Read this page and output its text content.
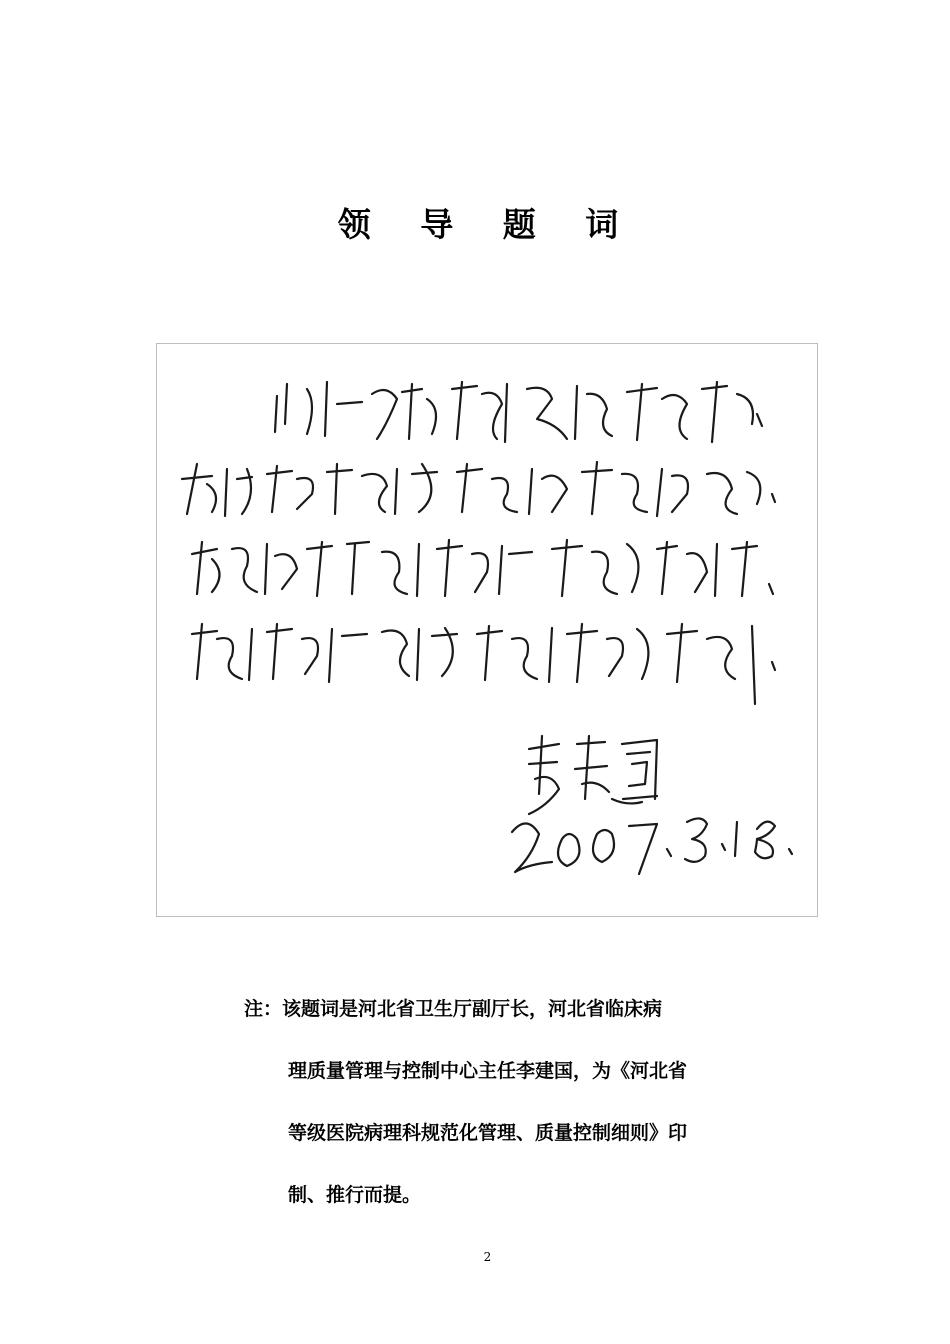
领 导 题 词
注：该题词是河北省卫生厅副厅长，河北省临床病
理质量管理与控制中心主任李建国，为《河北省
等级医院病理科规范化管理、质量控制细则》印
制、推行而提。
2
